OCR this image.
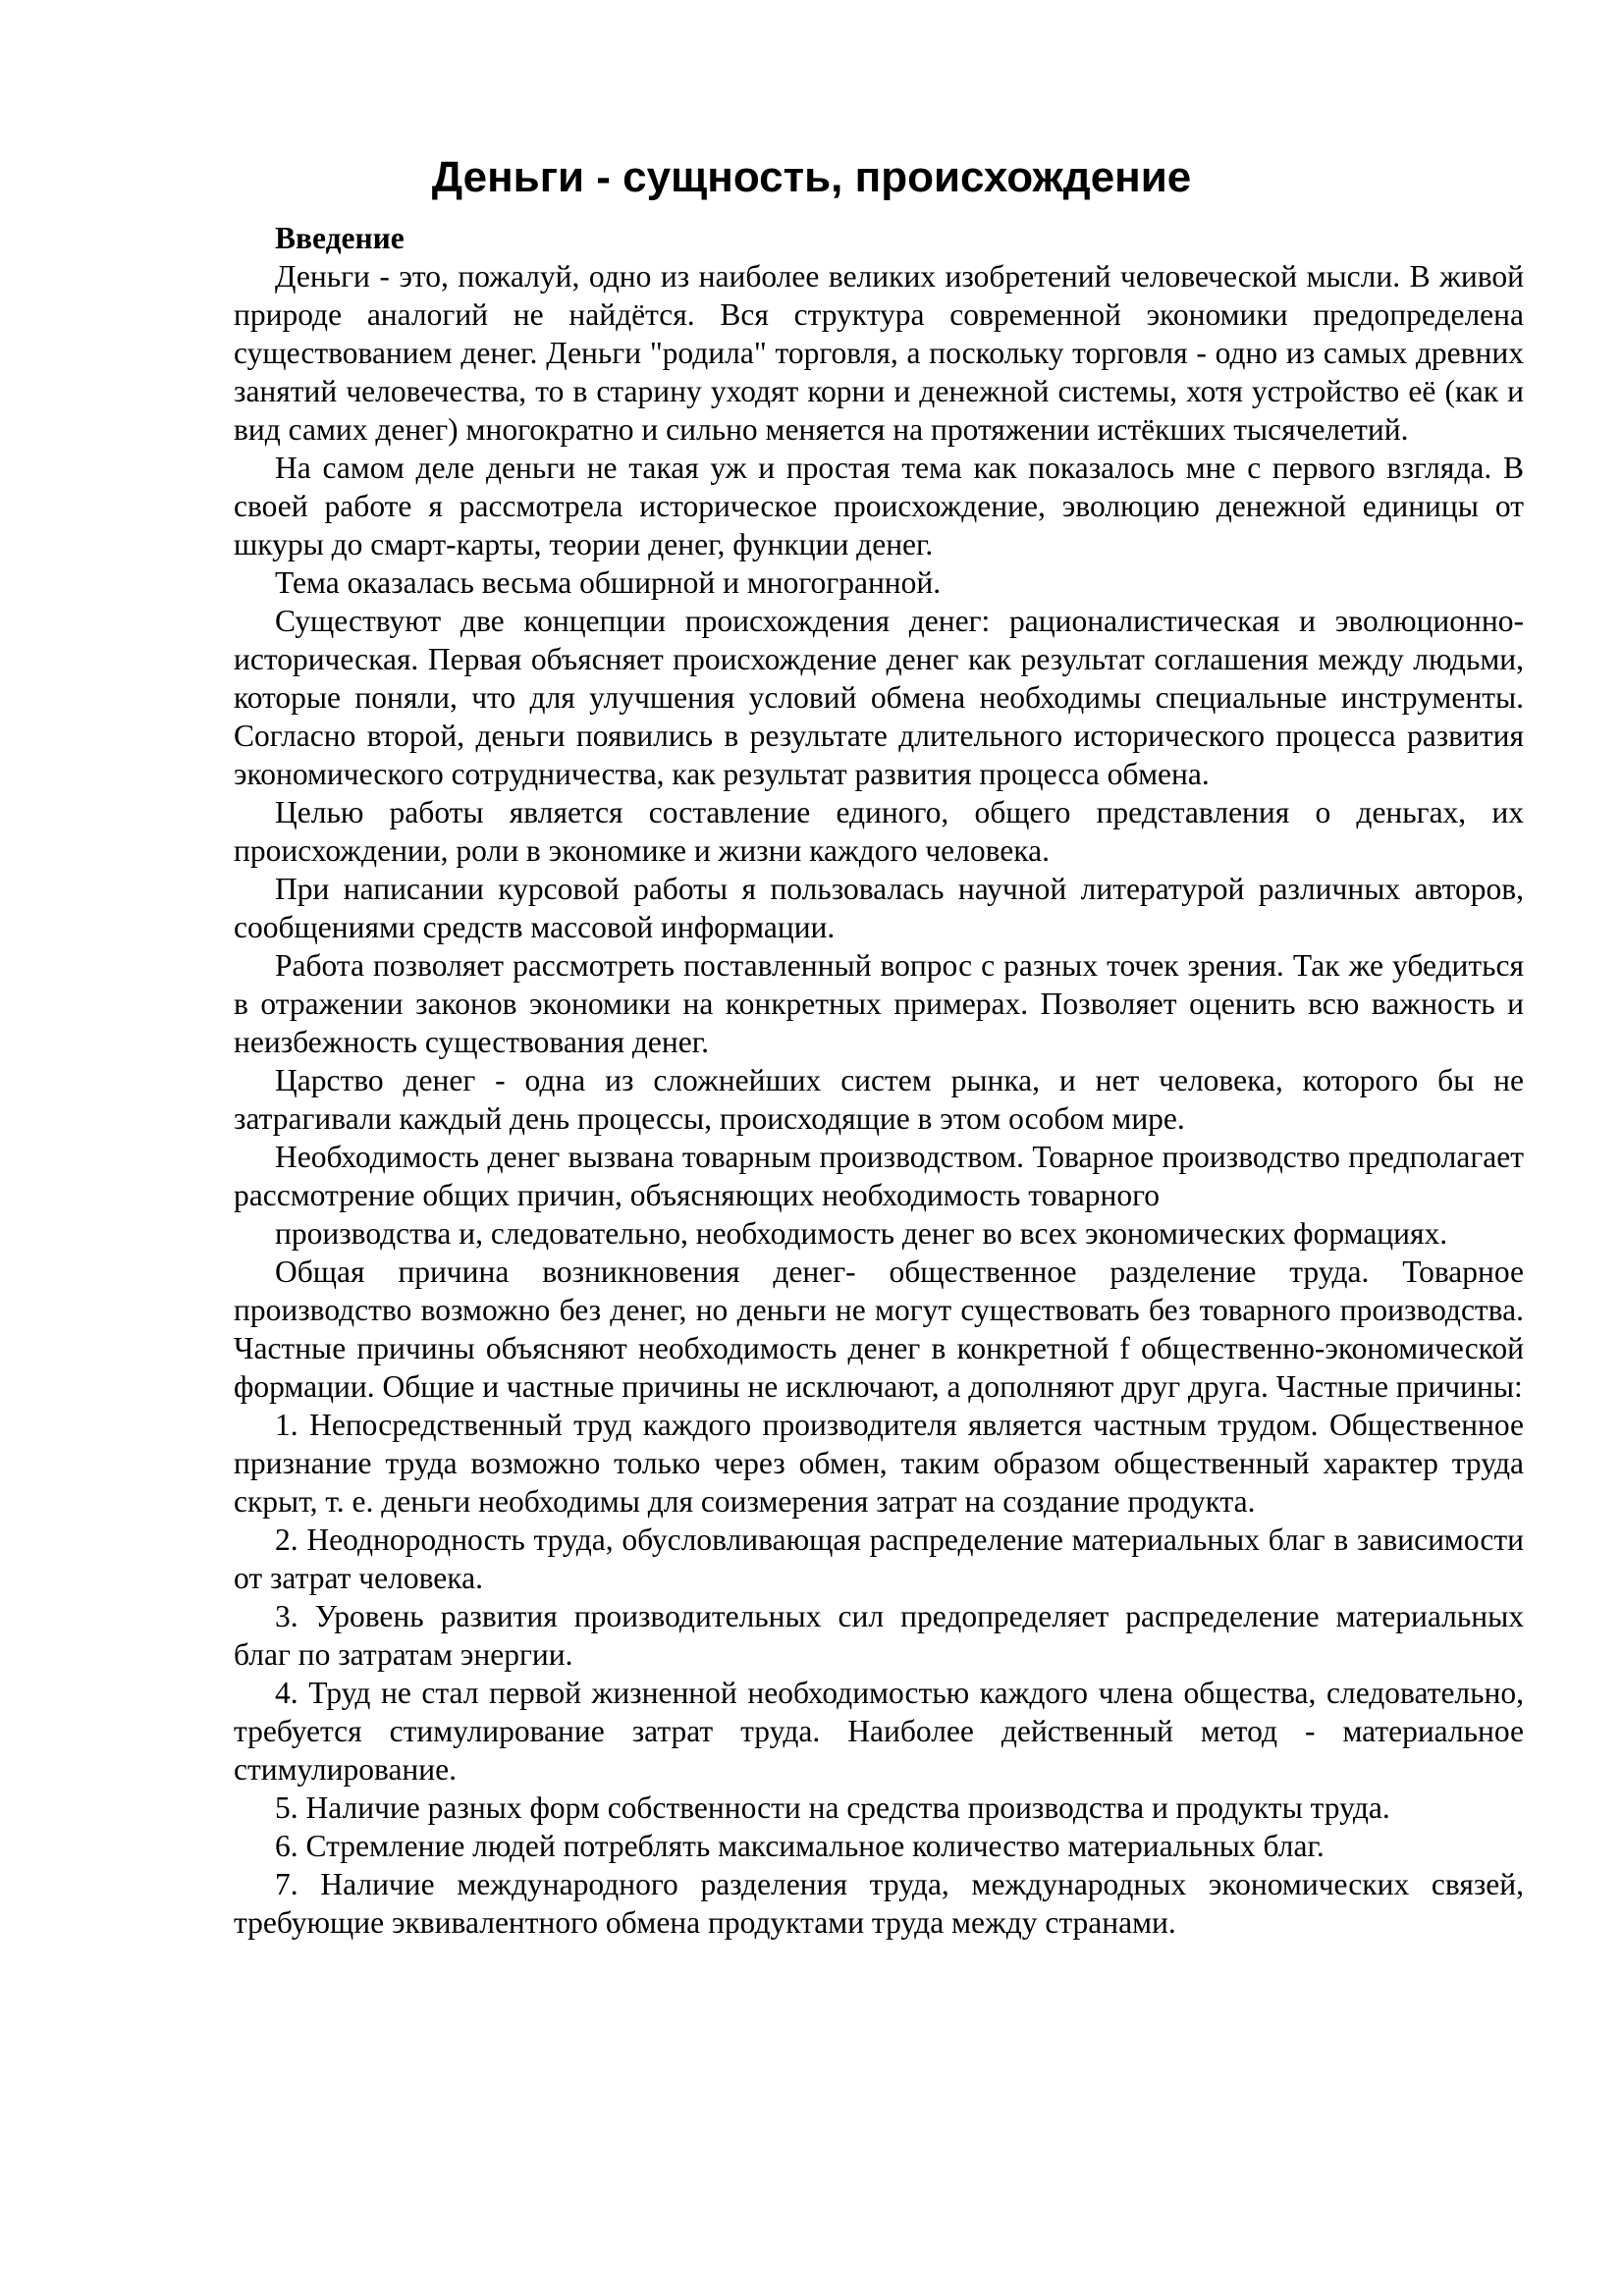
Деньги - сущность, происхождение

Введение

Деньги - это, пожалуй, одно из наиболее великих изобретений человеческой мысли. В живой природе аналогий не найдётся. Вся структура современной экономики предопределена существованием денег. Деньги "родила" торговля, а поскольку торговля - одно из самых древних занятий человечества, то в старину уходят корни и денежной системы, хотя устройство её (как и вид самих денег) многократно и сильно меняется на протяжении истёкших тысячелетий.

На самом деле деньги не такая уж и простая тема как показалось мне с первого взгляда. В своей работе я рассмотрела историческое происхождение, эволюцию денежной единицы от шкуры до смарт-карты, теории денег, функции денег.

Тема оказалась весьма обширной и многогранной.

Существуют две концепции происхождения денег: рационалистическая и эволюционно-историческая. Первая объясняет происхождение денег как результат соглашения между людьми, которые поняли, что для улучшения условий обмена необходимы специальные инструменты. Согласно второй, деньги появились в результате длительного исторического процесса развития экономического сотрудничества, как результат развития процесса обмена.

Целью работы является составление единого, общего представления о деньгах, их происхождении, роли в экономике и жизни каждого человека.

При написании курсовой работы я пользовалась научной литературой различных авторов, сообщениями средств массовой информации.

Работа позволяет рассмотреть поставленный вопрос с разных точек зрения. Так же убедиться в отражении законов экономики на конкретных примерах. Позволяет оценить всю важность и неизбежность существования денег.

Царство денег - одна из сложнейших систем рынка, и нет человека, которого бы не затрагивали каждый день процессы, происходящие в этом особом мире.

Необходимость денег вызвана товарным производством. Товарное производство предполагает рассмотрение общих причин, объясняющих необходимость товарного

производства и, следовательно, необходимость денег во всех экономических формациях.

Общая причина возникновения денег- общественное разделение труда. Товарное производство возможно без денег, но деньги не могут существовать без товарного производства. Частные причины объясняют необходимость денег в конкретной f общественно-экономической формации. Общие и частные причины не исключают, а дополняют друг друга. Частные причины:

1. Непосредственный труд каждого производителя является частным трудом. Общественное признание труда возможно только через обмен, таким образом общественный характер труда скрыт, т. е. деньги необходимы для соизмерения затрат на создание продукта.

2. Неоднородность труда, обусловливающая распределение материальных благ в зависимости от затрат человека.

3. Уровень развития производительных сил предопределяет распределение материальных благ по затратам энергии.

4. Труд не стал первой жизненной необходимостью каждого члена общества, следовательно, требуется стимулирование затрат труда. Наиболее действенный метод - материальное стимулирование.

5. Наличие разных форм собственности на средства производства и продукты труда.

6. Стремление людей потреблять максимальное количество материальных благ.

7. Наличие международного разделения труда, международных экономических связей, требующие эквивалентного обмена продуктами труда между странами.
